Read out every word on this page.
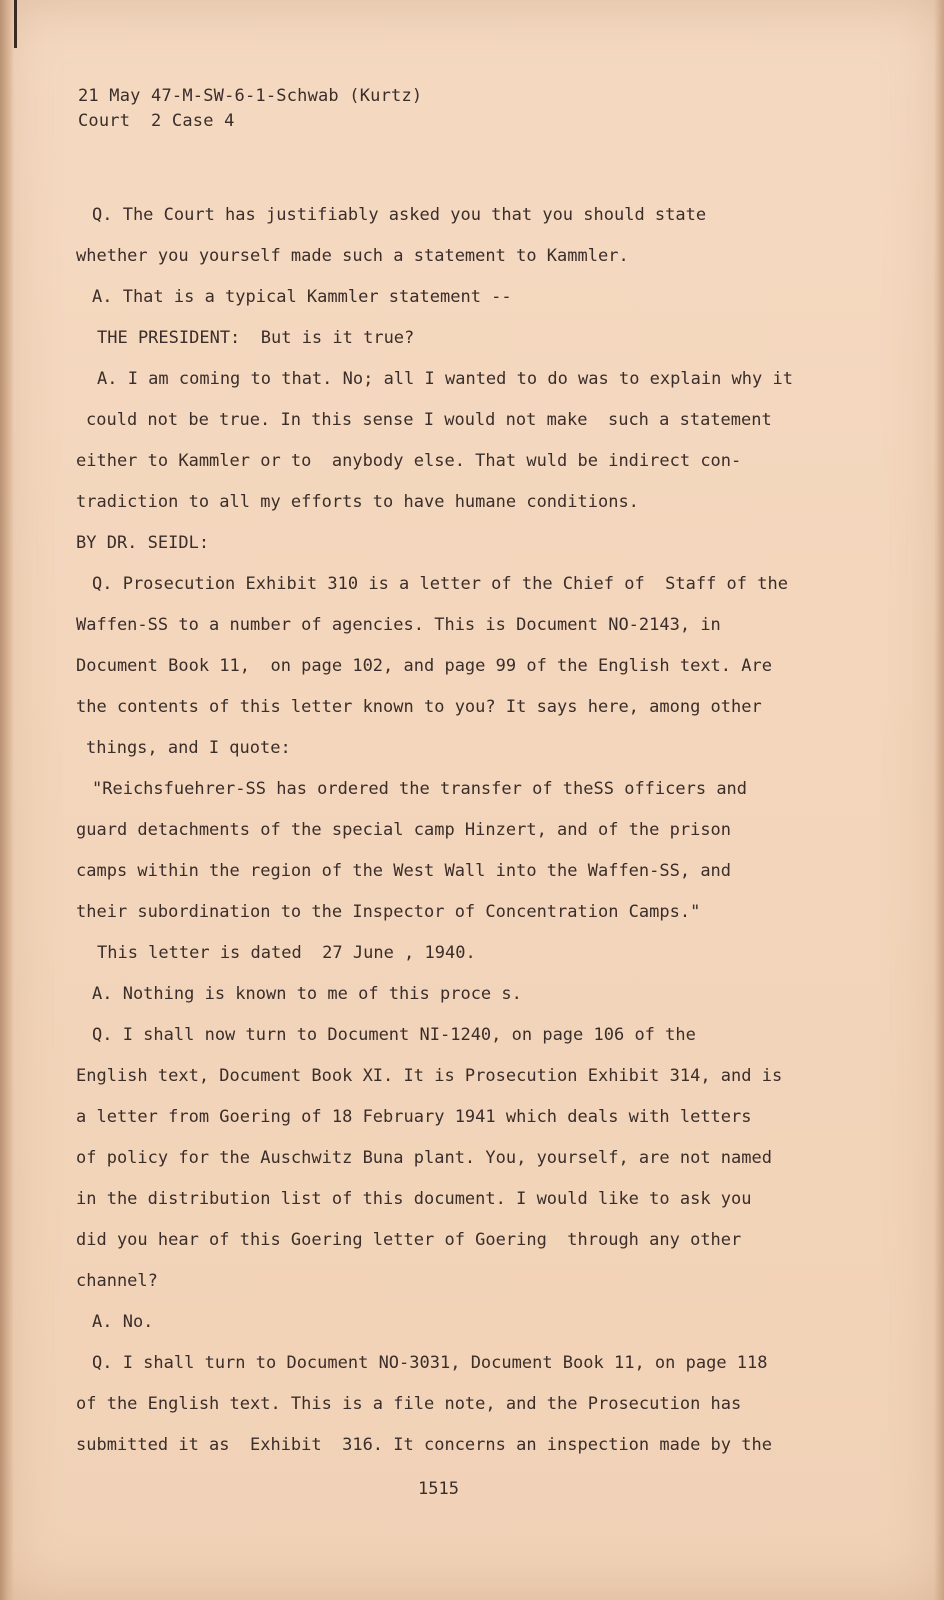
21 May 47-M-SW-6-1-Schwab (Kurtz)
Court  2 Case 4
Q. The Court has justifiably asked you that you should state
whether you yourself made such a statement to Kammler.
A. That is a typical Kammler statement --
THE PRESIDENT:  But is it true?
A. I am coming to that. No; all I wanted to do was to explain why it
could not be true. In this sense I would not make  such a statement
either to Kammler or to  anybody else. That wuld be indirect con-
tradiction to all my efforts to have humane conditions.
BY DR. SEIDL:
Q. Prosecution Exhibit 310 is a letter of the Chief of  Staff of the
Waffen-SS to a number of agencies. This is Document NO-2143, in
Document Book 11,  on page 102, and page 99 of the English text. Are
the contents of this letter known to you? It says here, among other
things, and I quote:
"Reichsfuehrer-SS has ordered the transfer of theSS officers and
guard detachments of the special camp Hinzert, and of the prison
camps within the region of the West Wall into the Waffen-SS, and
their subordination to the Inspector of Concentration Camps."
This letter is dated  27 June , 1940.
A. Nothing is known to me of this proce s.
Q. I shall now turn to Document NI-1240, on page 106 of the
English text, Document Book XI. It is Prosecution Exhibit 314, and is
a letter from Goering of 18 February 1941 which deals with letters
of policy for the Auschwitz Buna plant. You, yourself, are not named
in the distribution list of this document. I would like to ask you
did you hear of this Goering letter of Goering  through any other
channel?
A. No.
Q. I shall turn to Document NO-3031, Document Book 11, on page 118
of the English text. This is a file note, and the Prosecution has
submitted it as  Exhibit  316. It concerns an inspection made by the
1515
